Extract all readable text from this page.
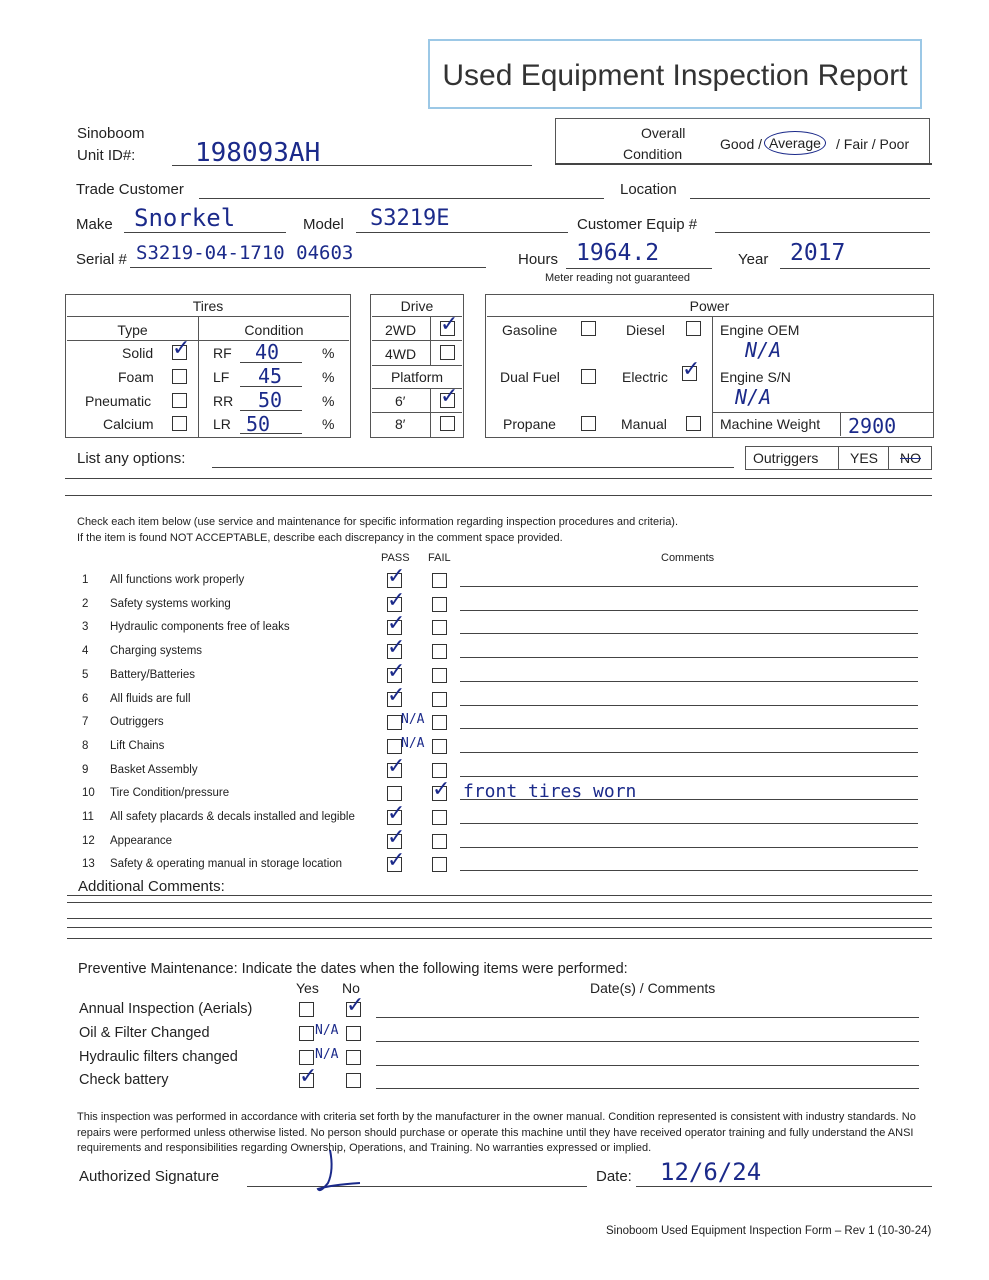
Used Equipment Inspection Report
Sinoboom
Unit ID#: 198093AH
Overall
Condition
Good / Average	/ Fair / Poor
Trade Customer	Location
Make Snorkel	Model S3219E	Customer Equip #
Serial # S3219-04-1710 04603	Hours 1964.2
Meter reading not guaranteed
Year 2017
Tires
Type	Condition
Solid
✓
Foam
Pneumatic
Calcium
RF 40	%
LF 45	%
RR 50	%
LR 50	%
Drive
2WD
✓
4WD
Platform
6′
✓
8′
Power
Gasoline	Diesel
Dual Fuel	Electric
✓
Propane	Manual
Engine OEM
N/A
Engine S/N
N/A
Machine Weight 2900
List any options:	Outriggers YES NO
Check each item below (use service and maintenance for specific information regarding inspection procedures and criteria).
If the item is found NOT ACCEPTABLE, describe each discrepancy in the comment space provided.
PASS FAIL	Comments
1 All functions work properly
✓
2 Safety systems working
✓
3 Hydraulic components free of leaks
✓
4 Charging systems
✓
5 Battery/Batteries
✓
6 All fluids are full
✓
7 Outriggers	N/A
8 Lift Chains	N/A
9 Basket Assembly
✓
10 Tire Condition/pressure
✓	front tires worn
11 All safety placards & decals installed and legible
✓
12 Appearance
✓
13 Safety & operating manual in storage location
✓
Additional Comments:
Preventive Maintenance: Indicate the dates when the following items were performed:
Yes No	Date(s) / Comments
Annual Inspection (Aerials)
✓
Oil & Filter Changed	N/A
Hydraulic filters changed	N/A
Check battery
✓
This inspection was performed in accordance with criteria set forth by the manufacturer in the owner manual. Condition represented is consistent with industry standards. No repairs were performed unless otherwise listed. No person should purchase or operate this machine until they have received operator training and fully understand the ANSI requirements and responsibilities regarding Ownership, Operations, and Training. No warranties expressed or implied.
Authorized Signature	Date: 12/6/24
Sinoboom Used Equipment Inspection Form – Rev 1 (10-30-24)
